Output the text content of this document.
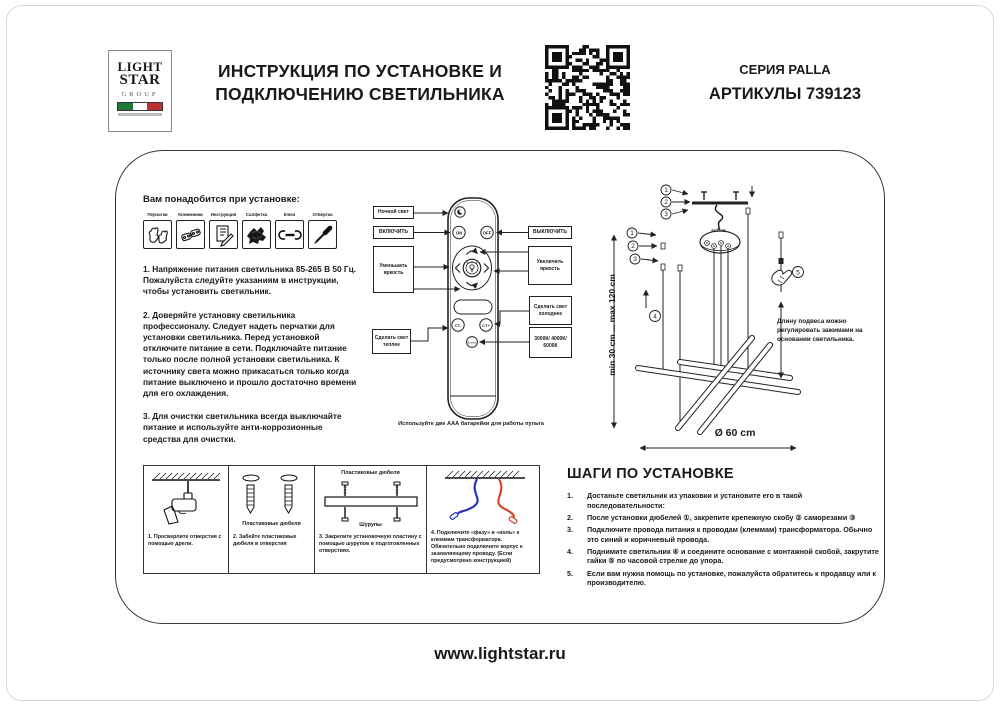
LIGHT
STAR
GROUP
ИНСТРУКЦИЯ ПО УСТАНОВКЕ И
ПОДКЛЮЧЕНИЮ СВЕТИЛЬНИКА
СЕРИЯ PALLA
АРТИКУЛЫ 739123
Вам понадобится при установке:
Перчатки Клеммники Инструкция Салфетка	Ключ	Отвертка

1. Напряжение питания светильника 85-265 В 50 Гц. Пожалуйста следуйте указаниям в инструкции, чтобы установить светильник.

2. Доверяйте установку светильника профессионалу. Следует надеть перчатки для установки светильника. Перед установкой отключите питание в сети. Подключайте питание только после полной установки светильника. К источнику света можно прикасаться только когда питание выключено и прошло достаточно времени для его охлаждения.

3. Для очистки светильника всегда выключайте питание и используйте анти-коррозионные средства для очистки.

ON	OFF
CT-	CT+
Section
Ночной свет
ВКЛЮЧИТЬ
Уменьшать яркость
Сделать свет теплее
ВЫКЛЮЧИТЬ
Увеличить яркость
Сделать свет холоднее
3000К/ 4000К/ 6000К
Используйте две ААА батарейки для работы пульта
1
2
3
1
2
3
4
5
min 30 cm ... max 120 cm
Ø 60 cm
Длину подвеса можно регулировать зажимами на основании светильника.
1. Просверлите отверстия с помощью дрели.
Пластиковые дюбеля
2. Забейте пластиковые дюбеля в отверстия
Пластиковые дюбеля
Шурупы
3. Закрепите установочную пластину с помощью шурупов в подготовленных отверстиях.
4. Подключите «фазу» и «ноль» к клеммам трансформатора. Обязательно подключите корпус к заземляющему проводу. (Если предусмотрено конструкцией)
ШАГИ ПО УСТАНОВКЕ
1.	Достаньте светильник из упаковки и установите его в такой последовательности:
2.	После установки дюбелей ①, закрепите крепежную скобу ② саморезами ③
3.	Подключите провода питания к проводам (клеммам) трансформатора. Обычно это синий и коричневый провода.
4.	Поднимите светильник ④ и соедините основание с монтажной скобой, закрутите гайки ⑤ по часовой стрелке до упора.
5.	Если вам нужна помощь по установке, пожалуйста обратитесь к продавцу или к производителю.
www.lightstar.ru
